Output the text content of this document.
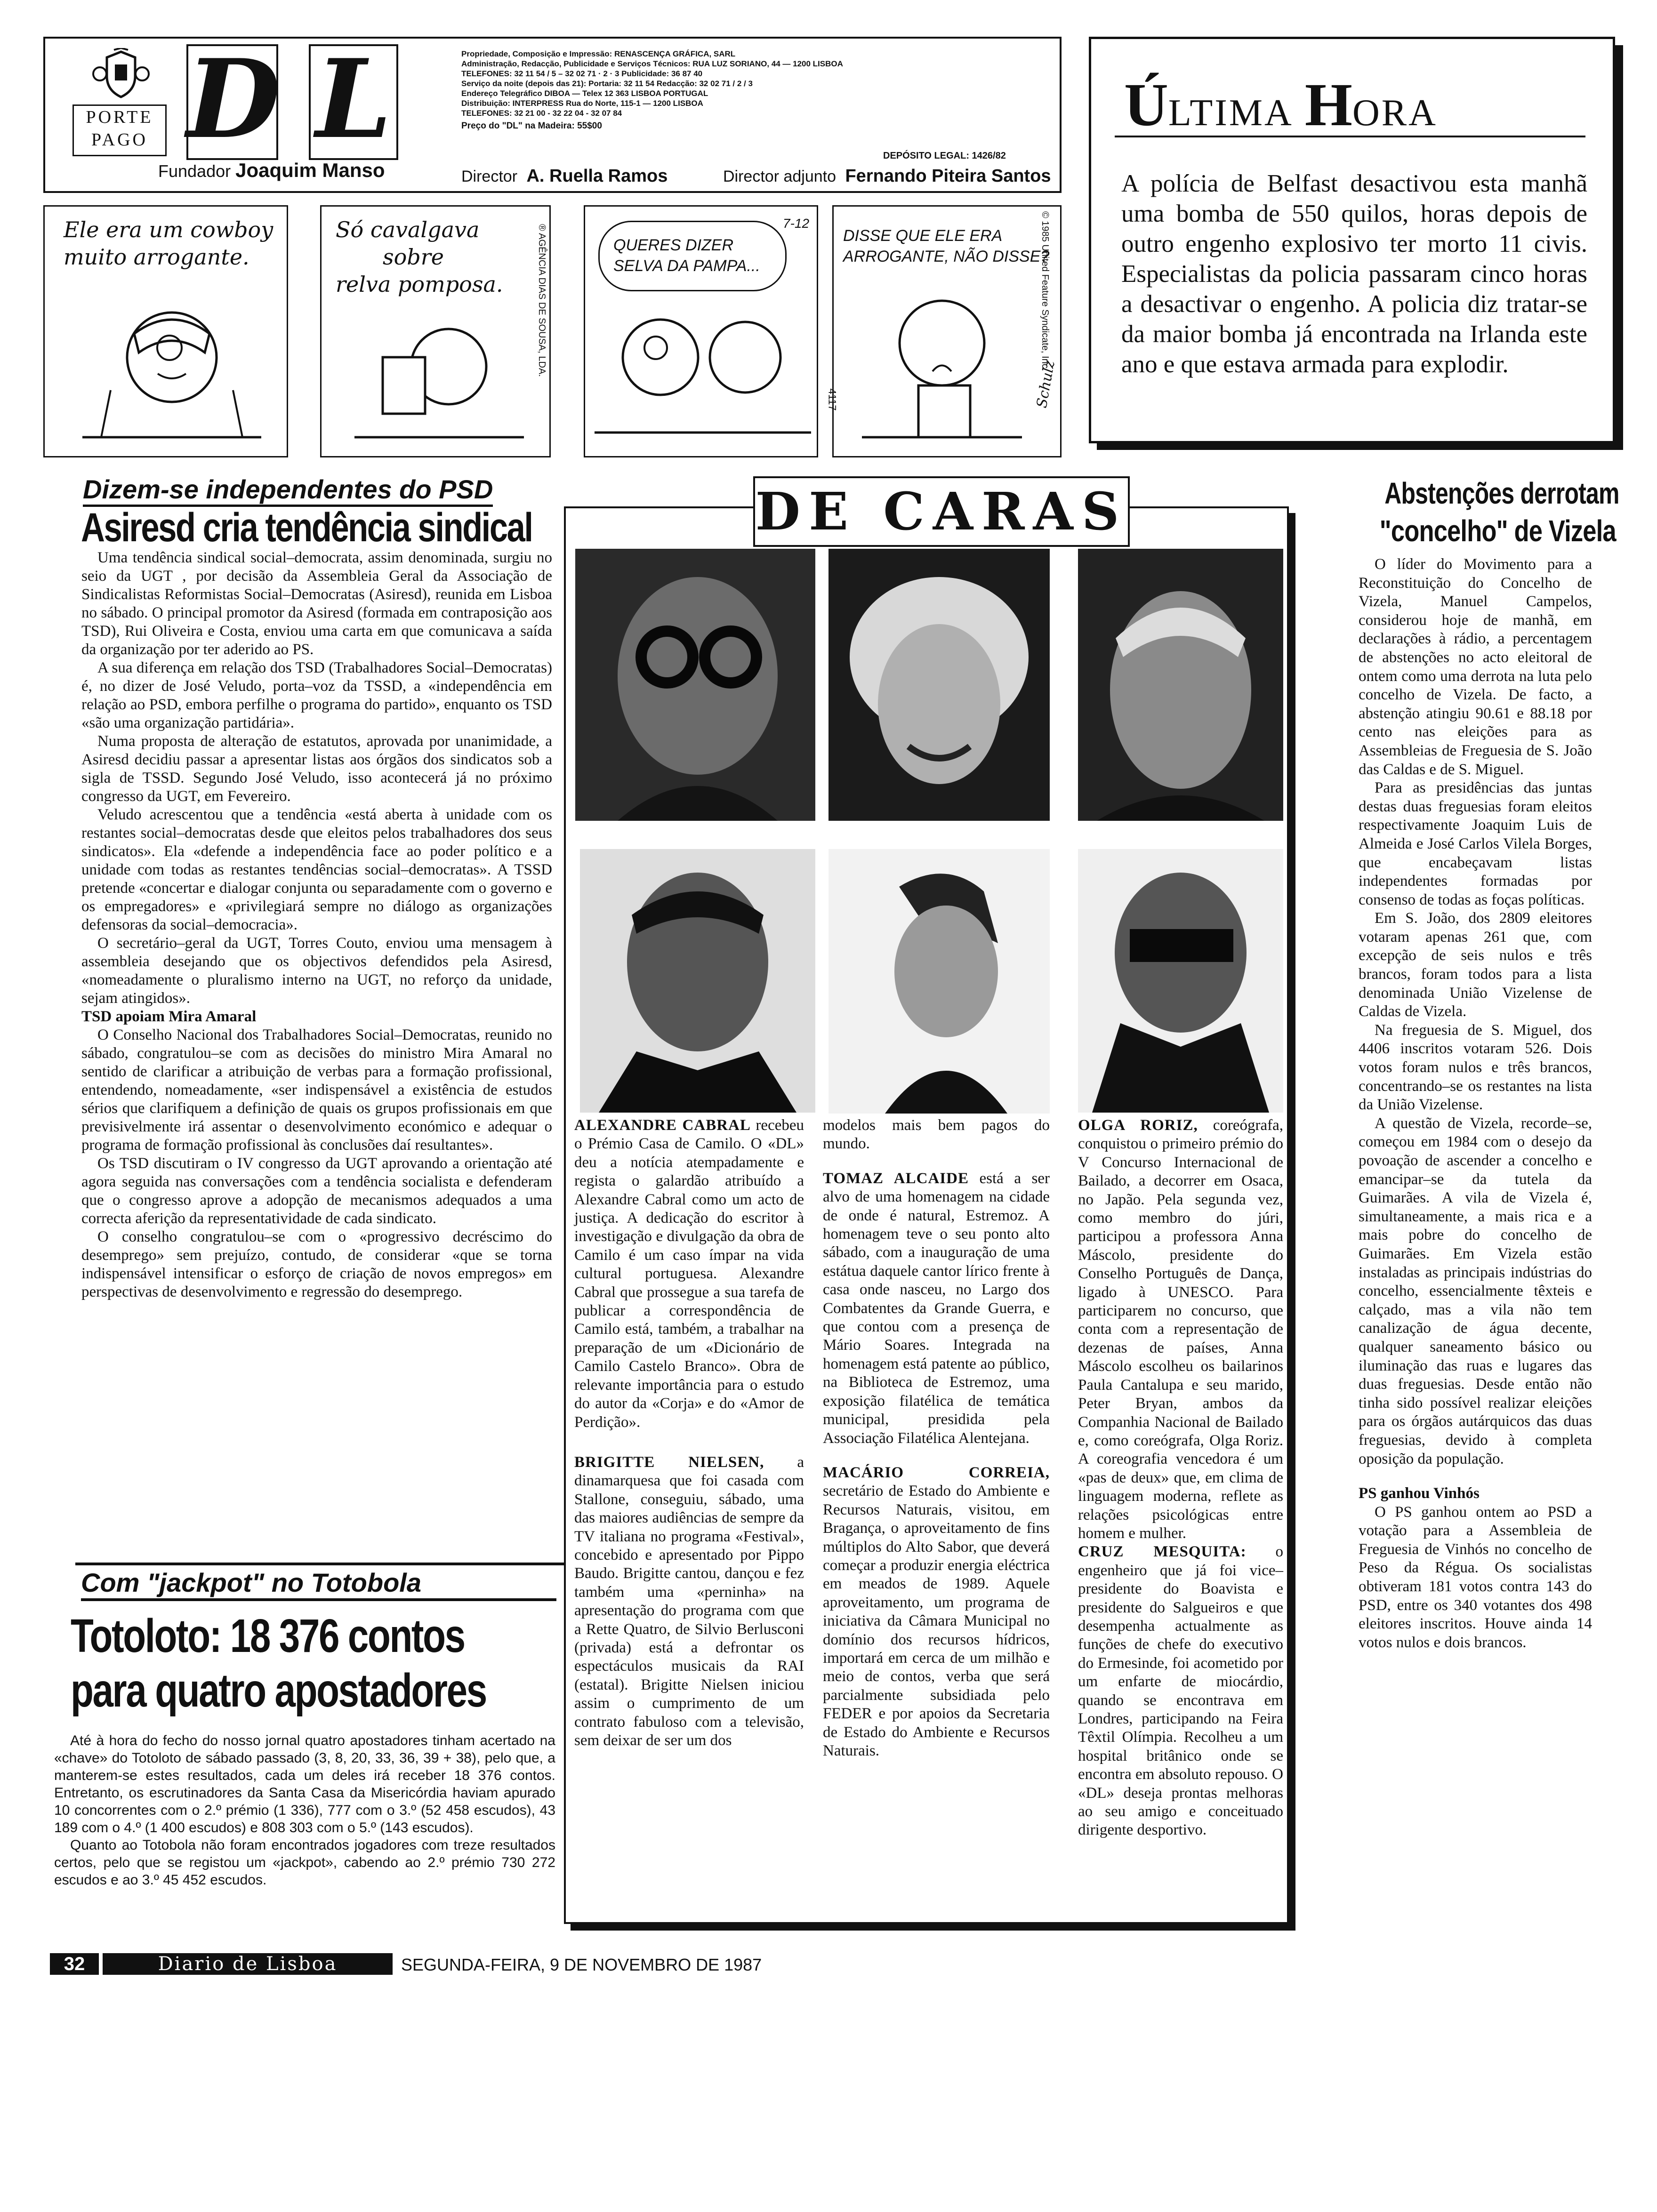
PORTE
PAGO DL
Fundador Joaquim Manso
Propriedade, Composição e Impressão: RENASCENÇA GRÁFICA, SARL
Administração, Redacção, Publicidade e Serviços Técnicos: RUA LUZ SORIANO, 44 — 1200 LISBOA
TELEFONES: 32 11 54 / 5 – 32 02 71 · 2 · 3 Publicidade: 36 87 40
Serviço da noite (depois das 21): Portaria: 32 11 54 Redacção: 32 02 71 / 2 / 3
Endereço Telegráfico DIBOA — Telex 12 363 LISBOA PORTUGAL
Distribuição: INTERPRESS Rua do Norte, 115-1 — 1200 LISBOA
TELEFONES: 32 21 00 - 32 22 04 - 32 07 84
Preço do "DL" na Madeira: 55$00
DEPÓSITO LEGAL: 1426/82
Director A. Ruella Ramos	Director adjunto Fernando Piteira Santos
Ele era um cowboy
muito arrogante.
Só cavalgava
sobre
relva pomposa.	® AGÊNCIA DIAS DE SOUSA, LDA.	QUERES DIZER
SELVA DA PAMPA...
7-12
4117
DISSE QUE ELE ERA
ARROGANTE, NÃO DISSE?
Schulz
© 1985 United Feature Syndicate, Inc.
ÚLTIMA HORA

A polícia de Belfast desactivou esta manhã uma bomba de 550 quilos, horas depois de outro engenho explosivo ter morto 11 civis. Especialistas da policia passaram cinco horas a desactivar o engenho. A policia diz tratar-se da maior bomba já encontrada na Irlanda este ano e que estava armada para explodir.

Dizem-se independentes do PSD
Asiresd cria tendência sindical

Uma tendência sindical social–democrata, assim denominada, surgiu no seio da UGT , por decisão da Assembleia Geral da Associação de Sindicalistas Reformistas Social–Democratas (Asiresd), reunida em Lisboa no sábado. O principal promotor da Asiresd (formada em contraposição aos TSD), Rui Oliveira e Costa, enviou uma carta em que comunicava a saída da organização por ter aderido ao PS.

A sua diferença em relação dos TSD (Trabalhadores Social–Democratas) é, no dizer de José Veludo, porta–voz da TSSD, a «independência em relação ao PSD, embora perfilhe o programa do partido», enquanto os TSD «são uma organização partidária».

Numa proposta de alteração de estatutos, aprovada por unanimidade, a Asiresd decidiu passar a apresentar listas aos órgãos dos sindicatos sob a sigla de TSSD. Segundo José Veludo, isso acontecerá já no próximo congresso da UGT, em Fevereiro.

Veludo acrescentou que a tendência «está aberta à unidade com os restantes social–democratas desde que eleitos pelos trabalhadores dos seus sindicatos». Ela «defende a independência face ao poder político e a unidade com todas as restantes tendências social–democratas». A TSSD pretende «concertar e dialogar conjunta ou separadamente com o governo e os empregadores» e «privilegiará sempre no diálogo as organizações defensoras da social–democracia».

O secretário–geral da UGT, Torres Couto, enviou uma mensagem à assembleia desejando que os objectivos defendidos pela Asiresd, «nomeadamente o pluralismo interno na UGT, no reforço da unidade, sejam atingidos».

TSD apoiam Mira Amaral

O Conselho Nacional dos Trabalhadores Social–Democratas, reunido no sábado, congratulou–se com as decisões do ministro Mira Amaral no sentido de clarificar a atribuição de verbas para a formação profissional, entendendo, nomeadamente, «ser indispensável a existência de estudos sérios que clarifiquem a definição de quais os grupos profissionais em que previsivelmente irá assentar o desenvolvimento económico e adequar o programa de formação profissional às conclusões daí resultantes».

Os TSD discutiram o IV congresso da UGT aprovando a orientação até agora seguida nas conversações com a tendência socialista e defenderam que o congresso aprove a adopção de mecanismos adequados a uma correcta aferição da representatividade de cada sindicato.

O conselho congratulou–se com o «progressivo decréscimo do desemprego» sem prejuízo, contudo, de considerar «que se torna indispensável intensificar o esforço de criação de novos empregos» em perspectivas de desenvolvimento e regressão do desemprego.

Com "jackpot" no Totobola
Totoloto: 18 376 contos
para quatro apostadores

Até à hora do fecho do nosso jornal quatro apostadores tinham acertado na «chave» do Totoloto de sábado passado (3, 8, 20, 33, 36, 39 + 38), pelo que, a manterem-se estes resultados, cada um deles irá receber 18 376 contos. Entretanto, os escrutinadores da Santa Casa da Misericórdia haviam apurado 10 concorrentes com o 2.º prémio (1 336), 777 com o 3.º (52 458 escudos), 43 189 com o 4.º (1 400 escudos) e 808 303 com o 5.º (143 escudos).

Quanto ao Totobola não foram encontrados jogadores com treze resultados certos, pelo que se registou um «jackpot», cabendo ao 2.º prémio 730 272 escudos e ao 3.º 45 452 escudos.

DE CARAS

ALEXANDRE CABRAL recebeu o Prémio Casa de Camilo. O «DL» deu a notícia atempadamente e regista o galardão atribuído a Alexandre Cabral como um acto de justiça. A dedicação do escritor à investigação e divulgação da obra de Camilo é um caso ímpar na vida cultural portuguesa. Alexandre Cabral que prossegue a sua tarefa de publicar a correspondência de Camilo está, também, a trabalhar na preparação de um «Dicionário de Camilo Castelo Branco». Obra de relevante importância para o estudo do autor da «Corja» e do «Amor de Perdição».

BRIGITTE NIELSEN, a dinamarquesa que foi casada com Stallone, conseguiu, sábado, uma das maiores audiências de sempre da TV italiana no programa «Festival», concebido e apresentado por Pippo Baudo. Brigitte cantou, dançou e fez também uma «perninha» na apresentação do programa com que a Rette Quatro, de Silvio Berlusconi (privada) está a defrontar os espectáculos musicais da RAI (estatal). Brigitte Nielsen iniciou assim o cumprimento de um contrato fabuloso com a televisão, sem deixar de ser um dos

modelos mais bem pagos do mundo.

TOMAZ ALCAIDE está a ser alvo de uma homenagem na cidade de onde é natural, Estremoz. A homenagem teve o seu ponto alto sábado, com a inauguração de uma estátua daquele cantor lírico frente à casa onde nasceu, no Largo dos Combatentes da Grande Guerra, e que contou com a presença de Mário Soares. Integrada na homenagem está patente ao público, na Biblioteca de Estremoz, uma exposição filatélica de temática municipal, presidida pela Associação Filatélica Alentejana.

MACÁRIO CORREIA, secretário de Estado do Ambiente e Recursos Naturais, visitou, em Bragança, o aproveitamento de fins múltiplos do Alto Sabor, que deverá começar a produzir energia eléctrica em meados de 1989. Aquele aproveitamento, um programa de iniciativa da Câmara Municipal no domínio dos recursos hídricos, importará em cerca de um milhão e meio de contos, verba que será parcialmente subsidiada pelo FEDER e por apoios da Secretaria de Estado do Ambiente e Recursos Naturais.

OLGA RORIZ, coreógrafa, conquistou o primeiro prémio do V Concurso Internacional de Bailado, a decorrer em Osaca, no Japão. Pela segunda vez, como membro do júri, participou a professora Anna Máscolo, presidente do Conselho Português de Dança, ligado à UNESCO. Para participarem no concurso, que conta com a representação de dezenas de países, Anna Máscolo escolheu os bailarinos Paula Cantalupa e seu marido, Peter Bryan, ambos da Companhia Nacional de Bailado e, como coreógrafa, Olga Roriz. A coreografia vencedora é um «pas de deux» que, em clima de linguagem moderna, reflete as relações psicológicas entre homem e mulher.

CRUZ MESQUITA: o engenheiro que já foi vice–presidente do Boavista e presidente do Salgueiros e que desempenha actualmente as funções de chefe do executivo do Ermesinde, foi acometido por um enfarte de miocárdio, quando se encontrava em Londres, participando na Feira Têxtil Olímpia. Recolheu a um hospital britânico onde se encontra em absoluto repouso. O «DL» deseja prontas melhoras ao seu amigo e conceituado dirigente desportivo.

Abstenções derrotam
"concelho" de Vizela

O líder do Movimento para a Reconstituição do Concelho de Vizela, Manuel Campelos, considerou hoje de manhã, em declarações à rádio, a percentagem de abstenções no acto eleitoral de ontem como uma derrota na luta pelo concelho de Vizela. De facto, a abstenção atingiu 90.61 e 88.18 por cento nas eleições para as Assembleias de Freguesia de S. João das Caldas e de S. Miguel.

Para as presidências das juntas destas duas freguesias foram eleitos respectivamente Joaquim Luis de Almeida e José Carlos Vilela Borges, que encabeçavam listas independentes formadas por consenso de todas as foças políticas.

Em S. João, dos 2809 eleitores votaram apenas 261 que, com excepção de seis nulos e três brancos, foram todos para a lista denominada União Vizelense de Caldas de Vizela.

Na freguesia de S. Miguel, dos 4406 inscritos votaram 526. Dois votos foram nulos e três brancos, concentrando–se os restantes na lista da União Vizelense.

A questão de Vizela, recorde–se, começou em 1984 com o desejo da povoação de ascender a concelho e emancipar–se da tutela da Guimarães. A vila de Vizela é, simultaneamente, a mais rica e a mais pobre do concelho de Guimarães. Em Vizela estão instaladas as principais indústrias do concelho, essencialmente têxteis e calçado, mas a vila não tem canalização de água decente, qualquer saneamento básico ou iluminação das ruas e lugares das duas freguesias. Desde então não tinha sido possível realizar eleições para os órgãos autárquicos das duas freguesias, devido à completa oposição da população.

PS ganhou Vinhós

O PS ganhou ontem ao PSD a votação para a Assembleia de Freguesia de Vinhós no concelho de Peso da Régua. Os socialistas obtiveram 181 votos contra 143 do PSD, entre os 340 votantes dos 498 eleitores inscritos. Houve ainda 14 votos nulos e dois brancos.

32	Diario de Lisboa	SEGUNDA-FEIRA, 9 DE NOVEMBRO DE 1987
